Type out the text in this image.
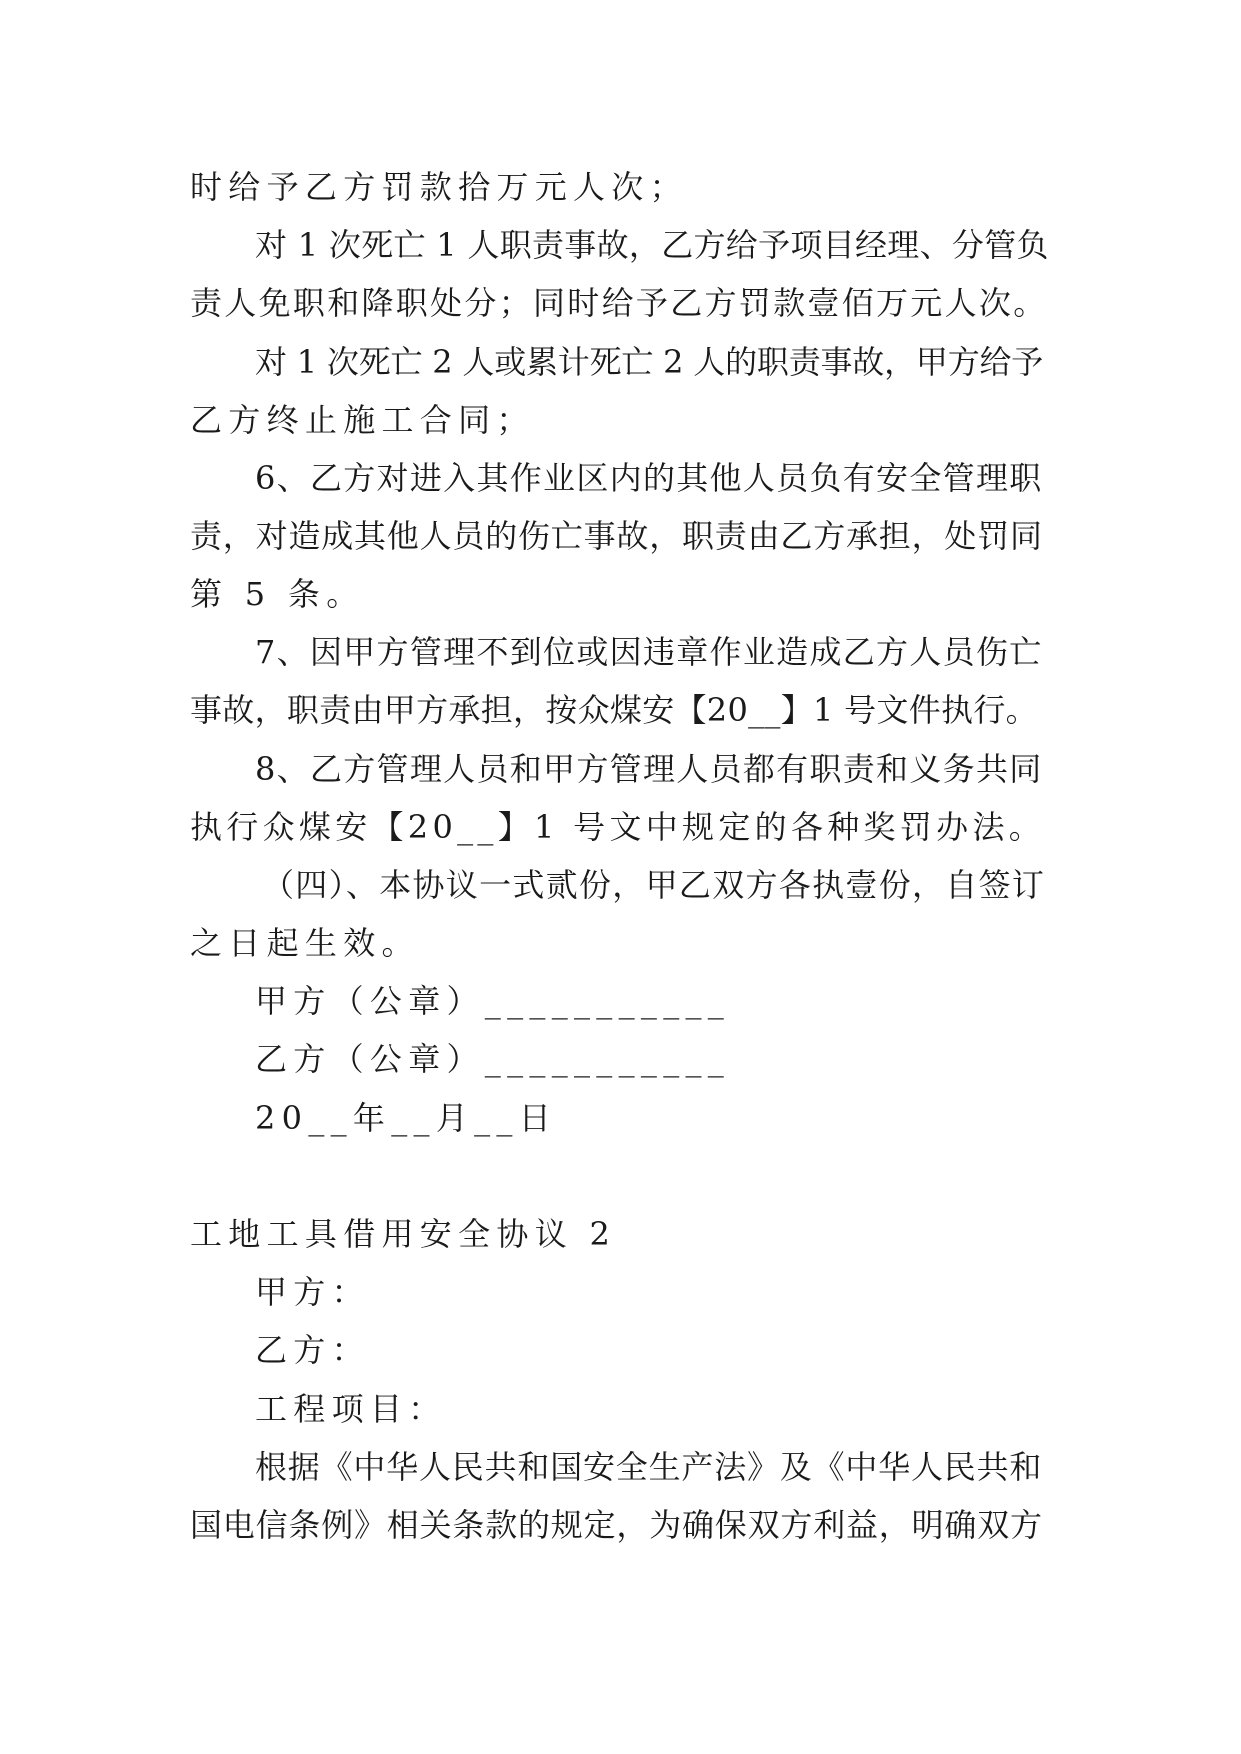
时给予乙方罚款拾万元人次；
对 1 次死亡 1 人职责事故，乙方给予项目经理、分管负
责人免职和降职处分；同时给予乙方罚款壹佰万元人次。
对 1 次死亡 2 人或累计死亡 2 人的职责事故，甲方给予
乙方终止施工合同；
6、乙方对进入其作业区内的其他人员负有安全管理职
责，对造成其他人员的伤亡事故，职责由乙方承担，处罚同
第 5 条。
7、因甲方管理不到位或因违章作业造成乙方人员伤亡
事故，职责由甲方承担，按众煤安【20__】1 号文件执行。
8、乙方管理人员和甲方管理人员都有职责和义务共同
执行众煤安【20__】1 号文中规定的各种奖罚办法。
（四）、本协议一式贰份，甲乙双方各执壹份，自签订
之日起生效。
甲方（公章）___________
乙方（公章）___________
20__年__月__日
工地工具借用安全协议 2
甲方：
乙方：
工程项目：
根据《中华人民共和国安全生产法》及《中华人民共和
国电信条例》相关条款的规定，为确保双方利益，明确双方
